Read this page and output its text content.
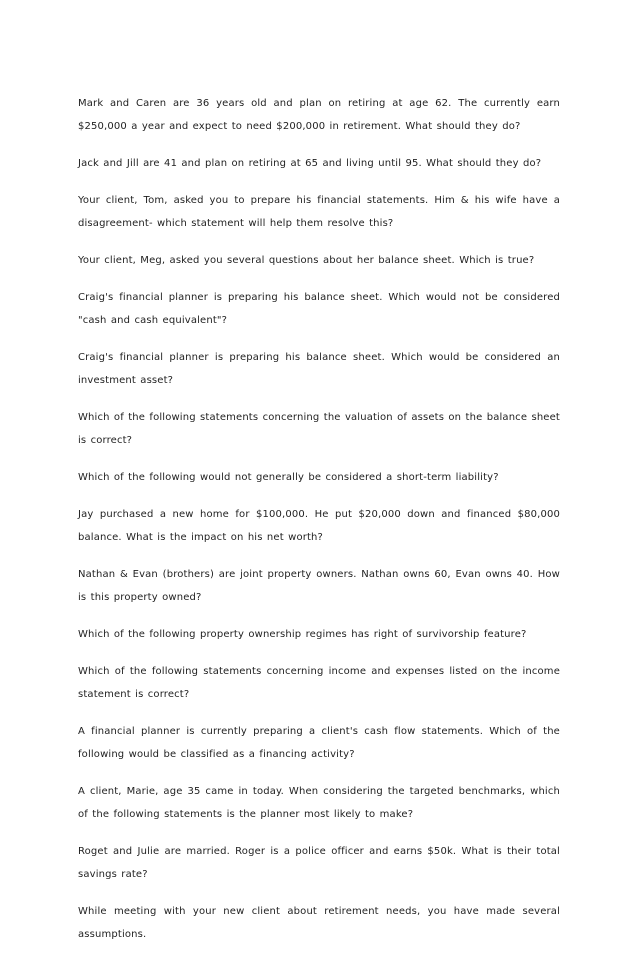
Mark and Caren are 36 years old and plan on retiring at age 62. The currently earn $250,000 a year and expect to need $200,000 in retirement. What should they do?

Jack and Jill are 41 and plan on retiring at 65 and living until 95. What should they do?

Your client, Tom, asked you to prepare his financial statements. Him & his wife have a disagreement- which statement will help them resolve this?

Your client, Meg, asked you several questions about her balance sheet. Which is true?

Craig's financial planner is preparing his balance sheet. Which would not be considered "cash and cash equivalent"?

Craig's financial planner is preparing his balance sheet. Which would be considered an investment asset?

Which of the following statements concerning the valuation of assets on the balance sheet is correct?

Which of the following would not generally be considered a short-term liability?

Jay purchased a new home for $100,000. He put $20,000 down and financed $80,000 balance. What is the impact on his net worth?

Nathan & Evan (brothers) are joint property owners. Nathan owns 60, Evan owns 40. How is this property owned?

Which of the following property ownership regimes has right of survivorship feature?

Which of the following statements concerning income and expenses listed on the income statement is correct?

A financial planner is currently preparing a client's cash flow statements. Which of the following would be classified as a financing activity?

A client, Marie, age 35 came in today. When considering the targeted benchmarks, which of the following statements is the planner most likely to make?

Roget and Julie are married. Roger is a police officer and earns $50k. What is their total savings rate?

While meeting with your new client about retirement needs, you have made several assumptions.
